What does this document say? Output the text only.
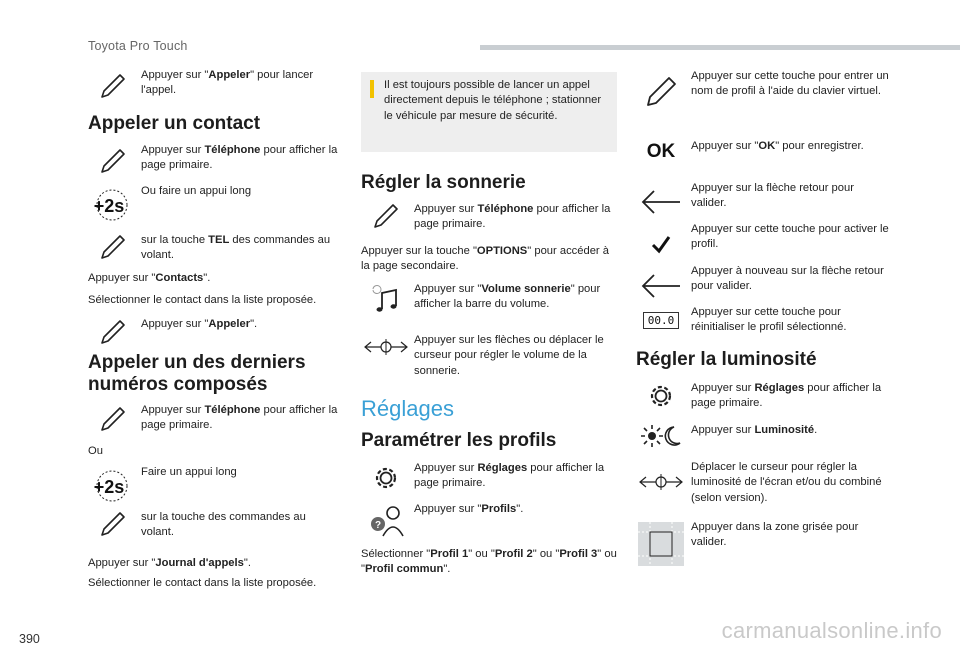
Toyota Pro Touch
Appuyer sur "Appeler" pour lancer l'appel.
Appeler un contact
Appuyer sur Téléphone pour afficher la page primaire.
+2s
Ou faire un appui long
sur la touche TEL des commandes au volant.
Appuyer sur "Contacts".
Sélectionner le contact dans la liste proposée.
Appuyer sur "Appeler".
Appeler un des derniers numéros composés
Appuyer sur Téléphone pour afficher la page primaire.
Ou
+2s
Faire un appui long
sur la touche des commandes au volant.
Appuyer sur "Journal d'appels".
Sélectionner le contact dans la liste proposée.
Il est toujours possible de lancer un appel directement depuis le téléphone ; stationner le véhicule par mesure de sécurité.
Régler la sonnerie
Appuyer sur Téléphone pour afficher la page primaire.
Appuyer sur la touche "OPTIONS" pour accéder à la page secondaire.
Appuyer sur "Volume sonnerie" pour afficher la barre du volume.
Appuyer sur les flèches ou déplacer le curseur pour régler le volume de la sonnerie.
Réglages
Paramétrer les profils
Appuyer sur Réglages pour afficher la page primaire.
?
Appuyer sur "Profils".
Sélectionner "Profil 1" ou "Profil 2" ou "Profil 3" ou "Profil commun".
Appuyer sur cette touche pour entrer un nom de profil à l'aide du clavier virtuel.
OK Appuyer sur "OK" pour enregistrer.
Appuyer sur la flèche retour pour valider.
Appuyer sur cette touche pour activer le profil.
Appuyer à nouveau sur la flèche retour pour valider.
00.0
Appuyer sur cette touche pour réinitialiser le profil sélectionné.
Régler la luminosité
Appuyer sur Réglages pour afficher la page primaire.
Appuyer sur Luminosité.
Déplacer le curseur pour régler la luminosité de l'écran et/ou du combiné (selon version).
Appuyer dans la zone grisée pour valider.
390	carmanualsonline.info
